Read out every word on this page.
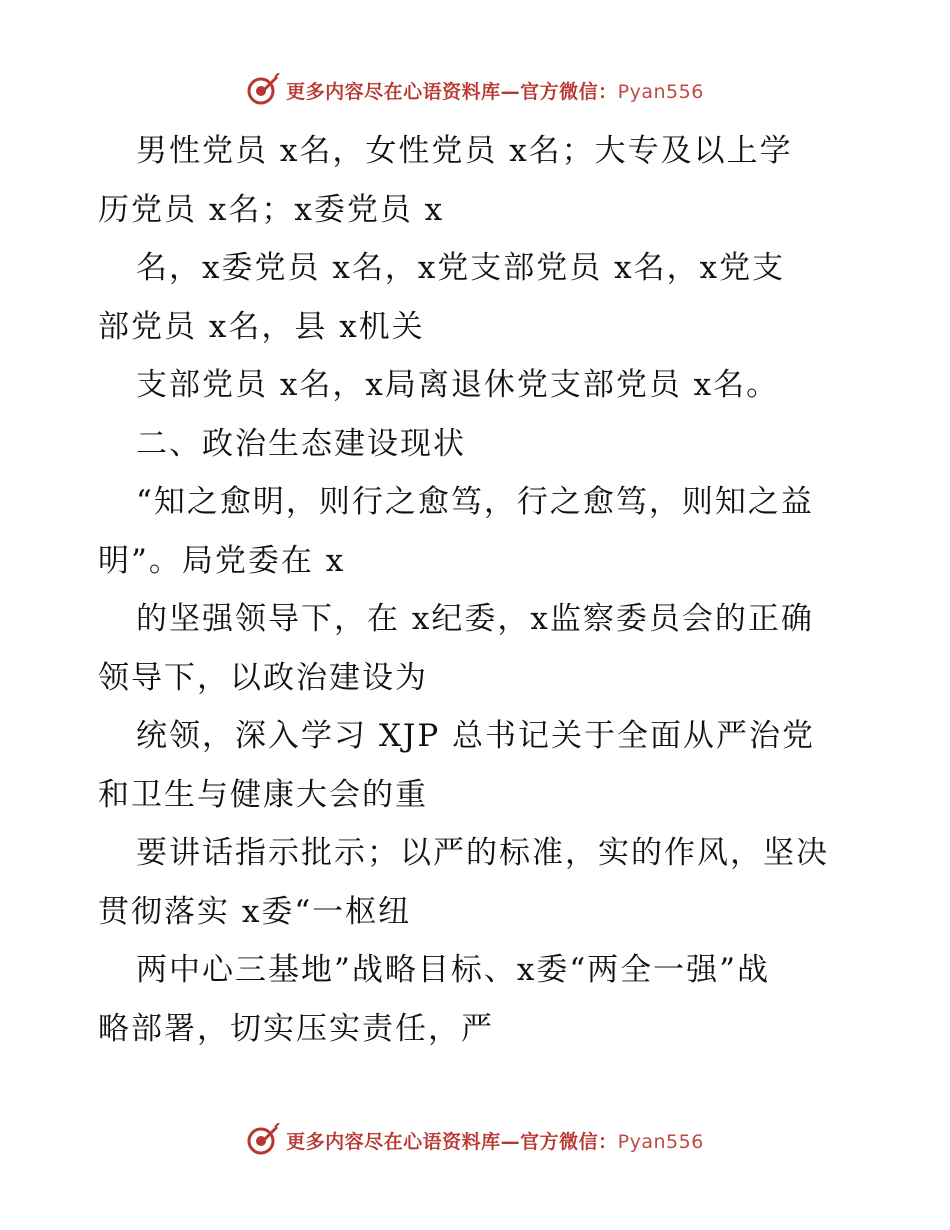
更多内容尽在心语资料库—官方微信：Pyan556

男性党员 x名，女性党员 x名；大专及以上学
历党员 x名；x委党员 x

名，x委党员 x名，x党支部党员 x名，x党支
部党员 x名，县 x机关

支部党员 x名，x局离退休党支部党员 x名。

二、政治生态建设现状

“知之愈明，则行之愈笃，行之愈笃，则知之益
明”。局党委在 x

的坚强领导下，在 x纪委，x监察委员会的正确
领导下，以政治建设为

统领，深入学习 XJP 总书记关于全面从严治党
和卫生与健康大会的重

要讲话指示批示；以严的标准，实的作风，坚决
贯彻落实 x委“一枢纽

两中心三基地”战略目标、x委“两全一强”战
略部署，切实压实责任，严

更多内容尽在心语资料库—官方微信：Pyan556
